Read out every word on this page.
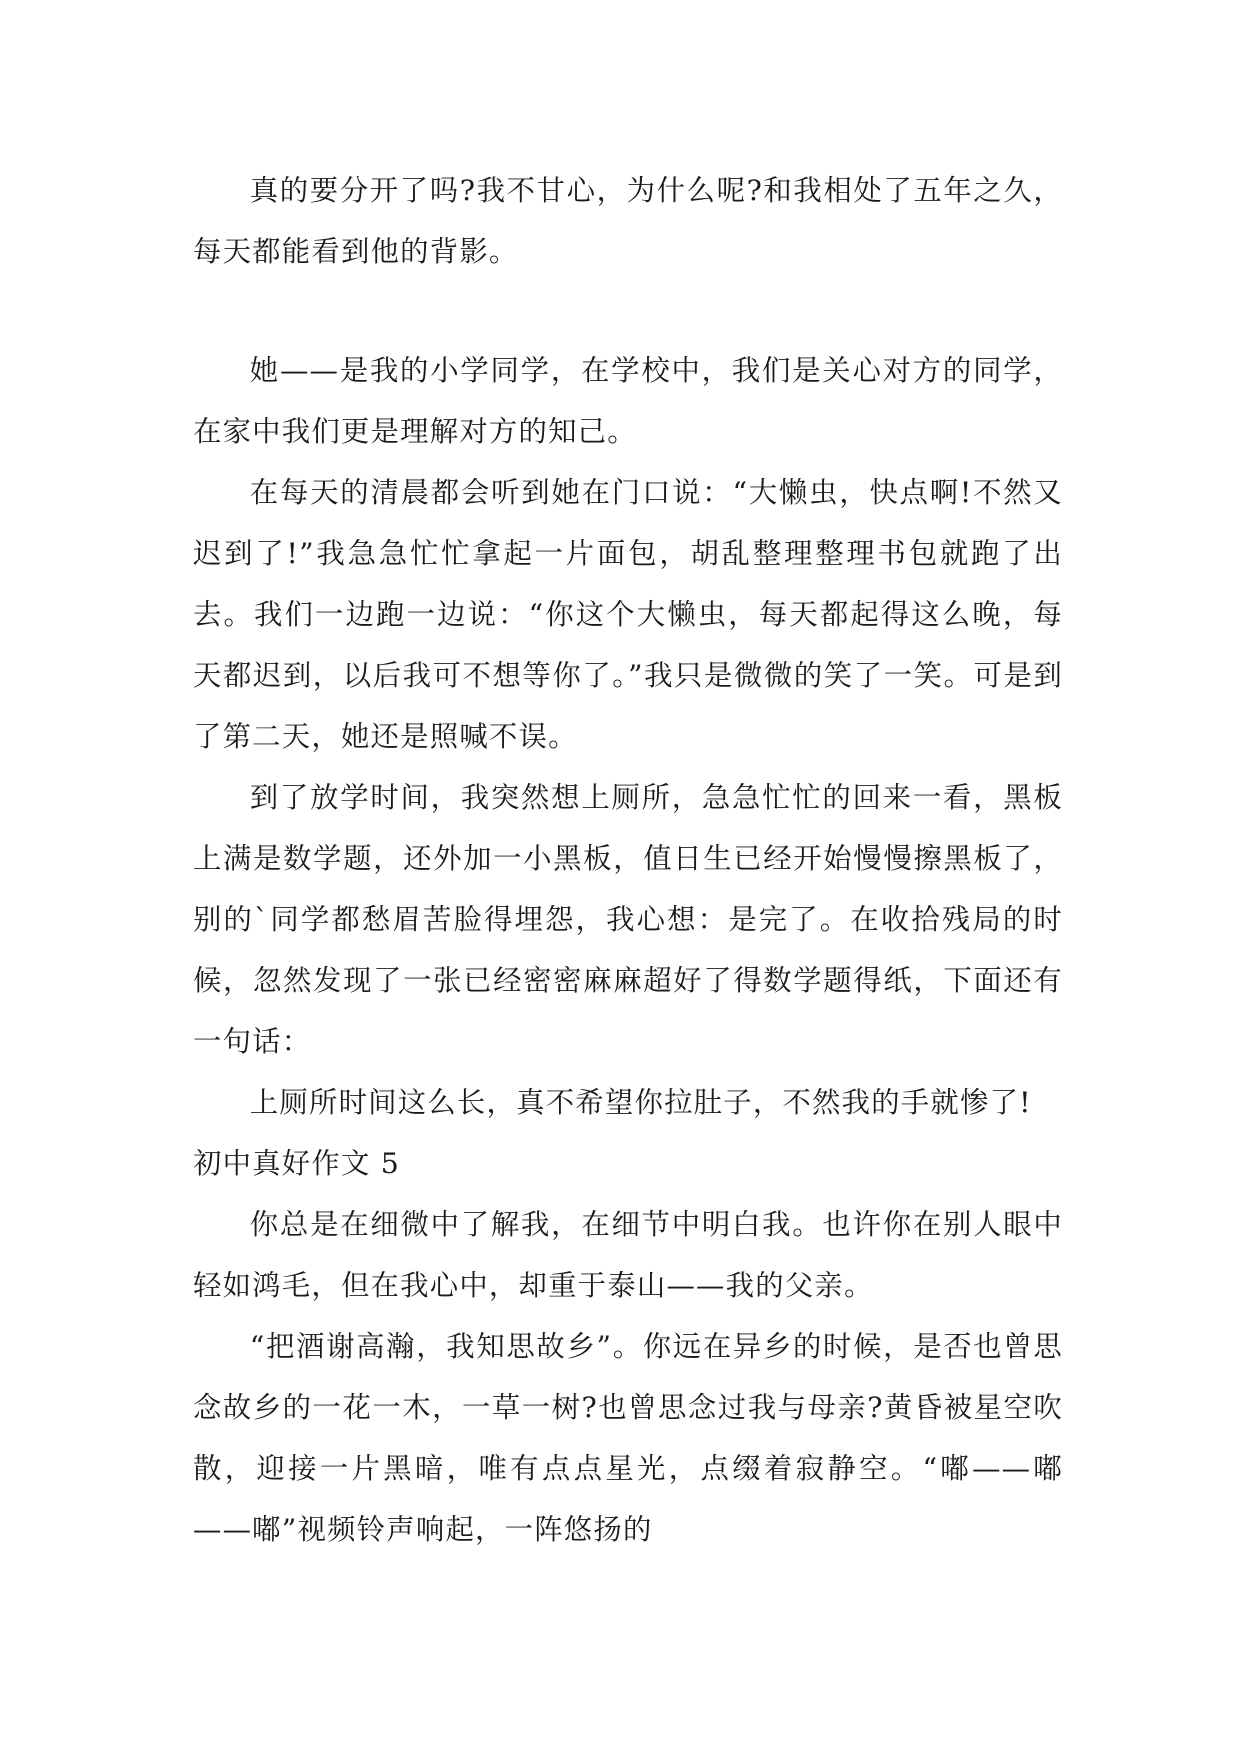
真的要分开了吗?我不甘心，为什么呢?和我相处了五年之久，每天都能看到他的背影。

她——是我的小学同学，在学校中，我们是关心对方的同学，在家中我们更是理解对方的知己。

在每天的清晨都会听到她在门口说：“大懒虫，快点啊!不然又迟到了!”我急急忙忙拿起一片面包，胡乱整理整理书包就跑了出去。我们一边跑一边说：“你这个大懒虫，每天都起得这么晚，每天都迟到，以后我可不想等你了。”我只是微微的笑了一笑。可是到了第二天，她还是照喊不误。

到了放学时间，我突然想上厕所，急急忙忙的回来一看，黑板上满是数学题，还外加一小黑板，值日生已经开始慢慢擦黑板了，别的`同学都愁眉苦脸得埋怨，我心想：是完了。在收拾残局的时候，忽然发现了一张已经密密麻麻超好了得数学题得纸，下面还有一句话：

上厕所时间这么长，真不希望你拉肚子，不然我的手就惨了!

初中真好作文 5

你总是在细微中了解我，在细节中明白我。也许你在别人眼中轻如鸿毛，但在我心中，却重于泰山——我的父亲。

“把酒谢高瀚，我知思故乡”。你远在异乡的时候，是否也曾思念故乡的一花一木，一草一树?也曾思念过我与母亲?黄昏被星空吹散，迎接一片黑暗，唯有点点星光，点缀着寂静空。“嘟——嘟——嘟”视频铃声响起，一阵悠扬的
